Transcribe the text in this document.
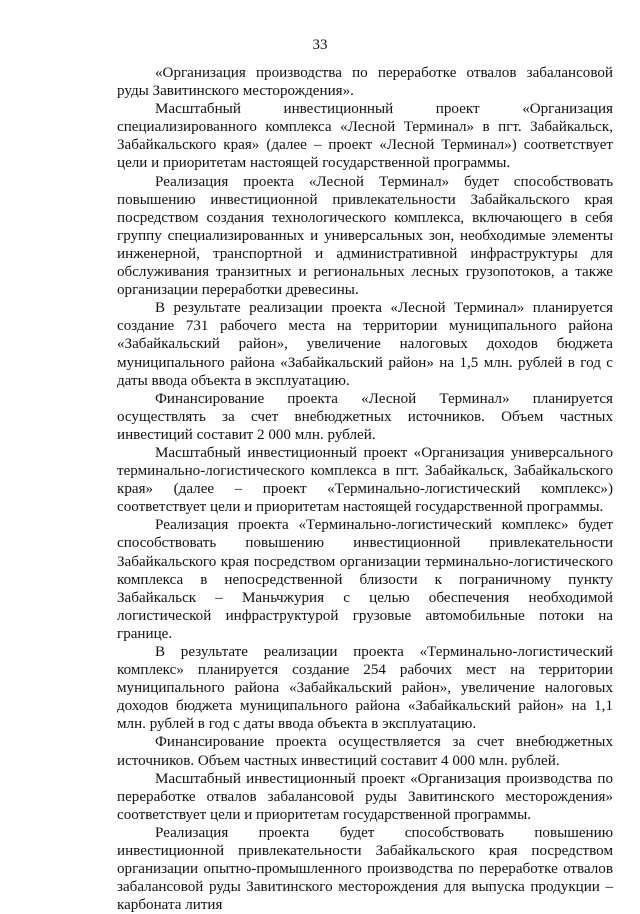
33

«Организация производства по переработке отвалов забалансовой руды Завитинского месторождения».

Масштабный инвестиционный проект «Организация специализированного комплекса «Лесной Терминал» в пгт. Забайкальск, Забайкальского края» (далее – проект «Лесной Терминал») соответствует цели и приоритетам настоящей государственной программы.

Реализация проекта «Лесной Терминал» будет способствовать повышению инвестиционной привлекательности Забайкальского края посредством создания технологического комплекса, включающего в себя группу специализированных и универсальных зон, необходимые элементы инженерной, транспортной и административной инфраструктуры для обслуживания транзитных и региональных лесных грузопотоков, а также организации переработки древесины.

В результате реализации проекта «Лесной Терминал» планируется создание 731 рабочего места на территории муниципального района «Забайкальский район», увеличение налоговых доходов бюджета муниципального района «Забайкальский район» на 1,5 млн. рублей в год с даты ввода объекта в эксплуатацию.

Финансирование проекта «Лесной Терминал» планируется осуществлять за счет внебюджетных источников. Объем частных инвестиций составит 2 000 млн. рублей.

Масштабный инвестиционный проект «Организация универсального терминально-логистического комплекса в пгт. Забайкальск, Забайкальского края» (далее – проект «Терминально-логистический комплекс») соответствует цели и приоритетам настоящей государственной программы.

Реализация проекта «Терминально-логистический комплекс» будет способствовать повышению инвестиционной привлекательности Забайкальского края посредством организации терминально-логистического комплекса в непосредственной близости к пограничному пункту Забайкальск – Маньчжурия с целью обеспечения необходимой логистической инфраструктурой грузовые автомобильные потоки на границе.

В результате реализации проекта «Терминально-логистический комплекс» планируется создание 254 рабочих мест на территории муниципального района «Забайкальский район», увеличение налоговых доходов бюджета муниципального района «Забайкальский район» на 1,1 млн. рублей в год с даты ввода объекта в эксплуатацию.

Финансирование проекта осуществляется за счет внебюджетных источников. Объем частных инвестиций составит 4 000 млн. рублей.

Масштабный инвестиционный проект «Организация производства по переработке отвалов забалансовой руды Завитинского месторождения» соответствует цели и приоритетам государственной программы.

Реализация проекта будет способствовать повышению инвестиционной привлекательности Забайкальского края посредством организации опытно-промышленного производства по переработке отвалов забалансовой руды Завитинского месторождения для выпуска продукции – карбоната лития
